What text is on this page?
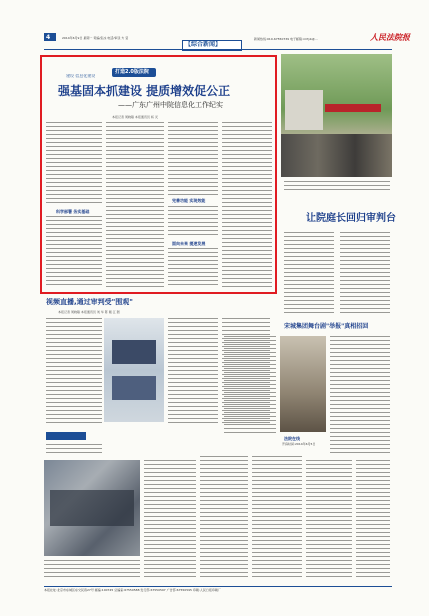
4	2014年6月9日 星期一 责编/张冰 电话/审读 方 莹
【综合新闻】
新闻热线:010-67550739 电子邮箱:rmfyb@...	人民法院报
打造2.0版法院
建设 信息化建设
强基固本抓建设 提质增效促公正
——广东广州中院信息化工作纪实
本报记者 周晓聪 本报通讯员 杨 灵
科学部署 务实基础
完善功能 实现效能
面向未来 提速发展
让院庭长回归审判台
视频直播,通过审判受"围观"
本报记者 周晓聪 本报通讯员 刘 华 陈 刚 江 图
宋城集团舞台剧"举报"真相招回
法院在线
开庭时间:2014年6月5日
本报社址:北京市东城区东交民巷27号 邮编:100745 总编室:67550588 发行部:67550597 广告部:67550595 印刷:人民日报印刷厂
